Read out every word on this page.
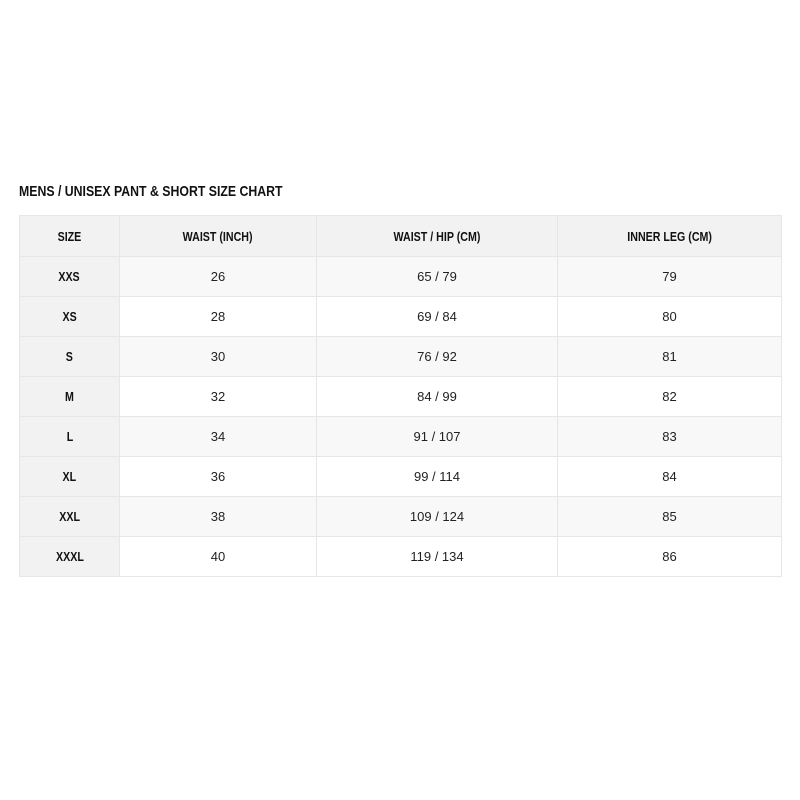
MENS / UNISEX PANT & SHORT SIZE CHART
SIZE	WAIST (INCH)	WAIST / HIP (CM)	INNER LEG (CM)
XXS	26	65 / 79	79
XS	28	69 / 84	80
S	30	76 / 92	81
M	32	84 / 99	82
L	34	91 / 107	83
XL	36	99 / 114	84
XXL	38	109 / 124	85
XXXL	40	119 / 134	86
